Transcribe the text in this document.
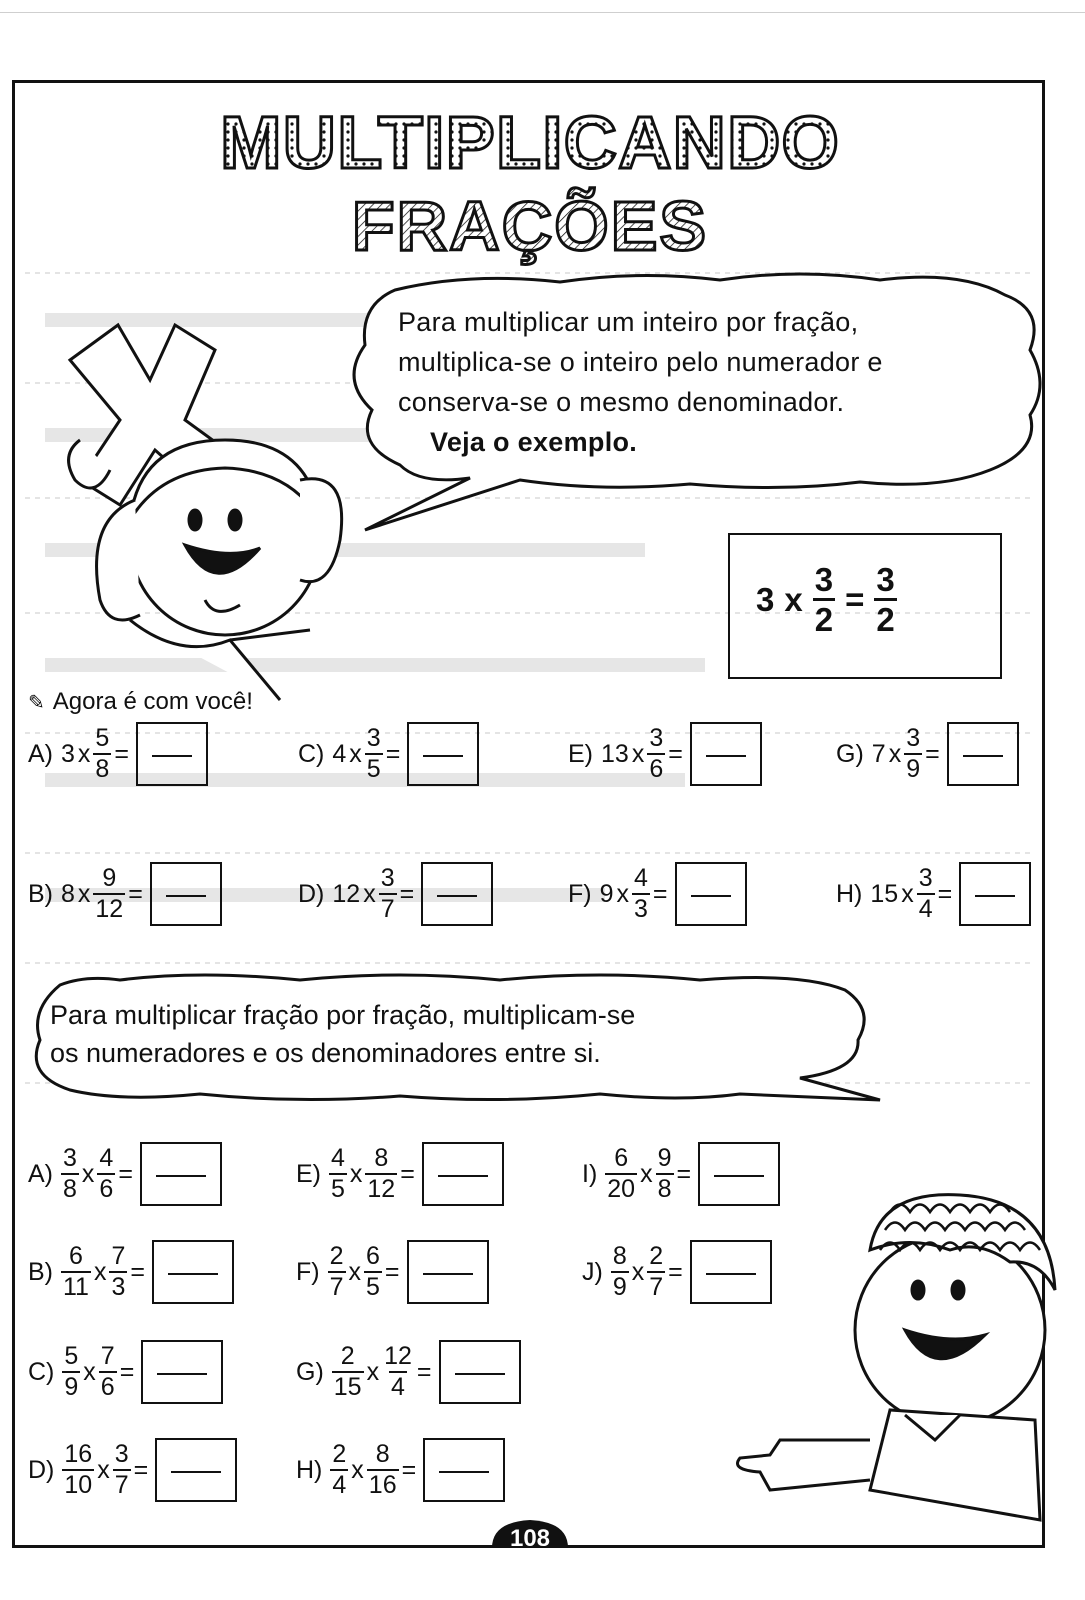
MULTIPLICANDO
FRAÇÕES
Para multiplicar um inteiro por fração,
multiplica-se o inteiro pelo numerador e
conserva-se o mesmo denominador.
Veja o exemplo.
3 x $\frac{3}{2} = \frac{3}{2}$
✎ Agora é com você!
A) 3 x $\frac{5}{8}$ =	C) 4 x $\frac{3}{5}$ =	E) 13 x $\frac{3}{6}$ =	G) 7 x $\frac{3}{9}$ =
B) 8 x $\frac{9}{12}$ =	D) 12 x $\frac{3}{7}$ =	F) 9 x $\frac{4}{3}$ =	H) 15 x $\frac{3}{4}$ =
Para multiplicar fração por fração, multiplicam-se
os numeradores e os denominadores entre si.
$A) \frac{3}{8}$ x $\frac{4}{6}$ =	$E) \frac{4}{5}$ x $\frac{8}{12}$ =	$I) \frac{6}{20}$ x $\frac{9}{8}$ =
$B) \frac{6}{11}$ x $\frac{7}{3}$ =	$F) \frac{2}{7}$ x $\frac{6}{5}$ =	$J) \frac{8}{9}$ x $\frac{2}{7}$ =
$C) \frac{5}{9}$ x $\frac{7}{6}$ =	$G) \frac{2}{15}$ x $\frac{12}{4}$ =
$D) \frac{16}{10}$ x $\frac{3}{7}$ =	$H) \frac{2}{4}$ x $\frac{8}{16}$ =
108
